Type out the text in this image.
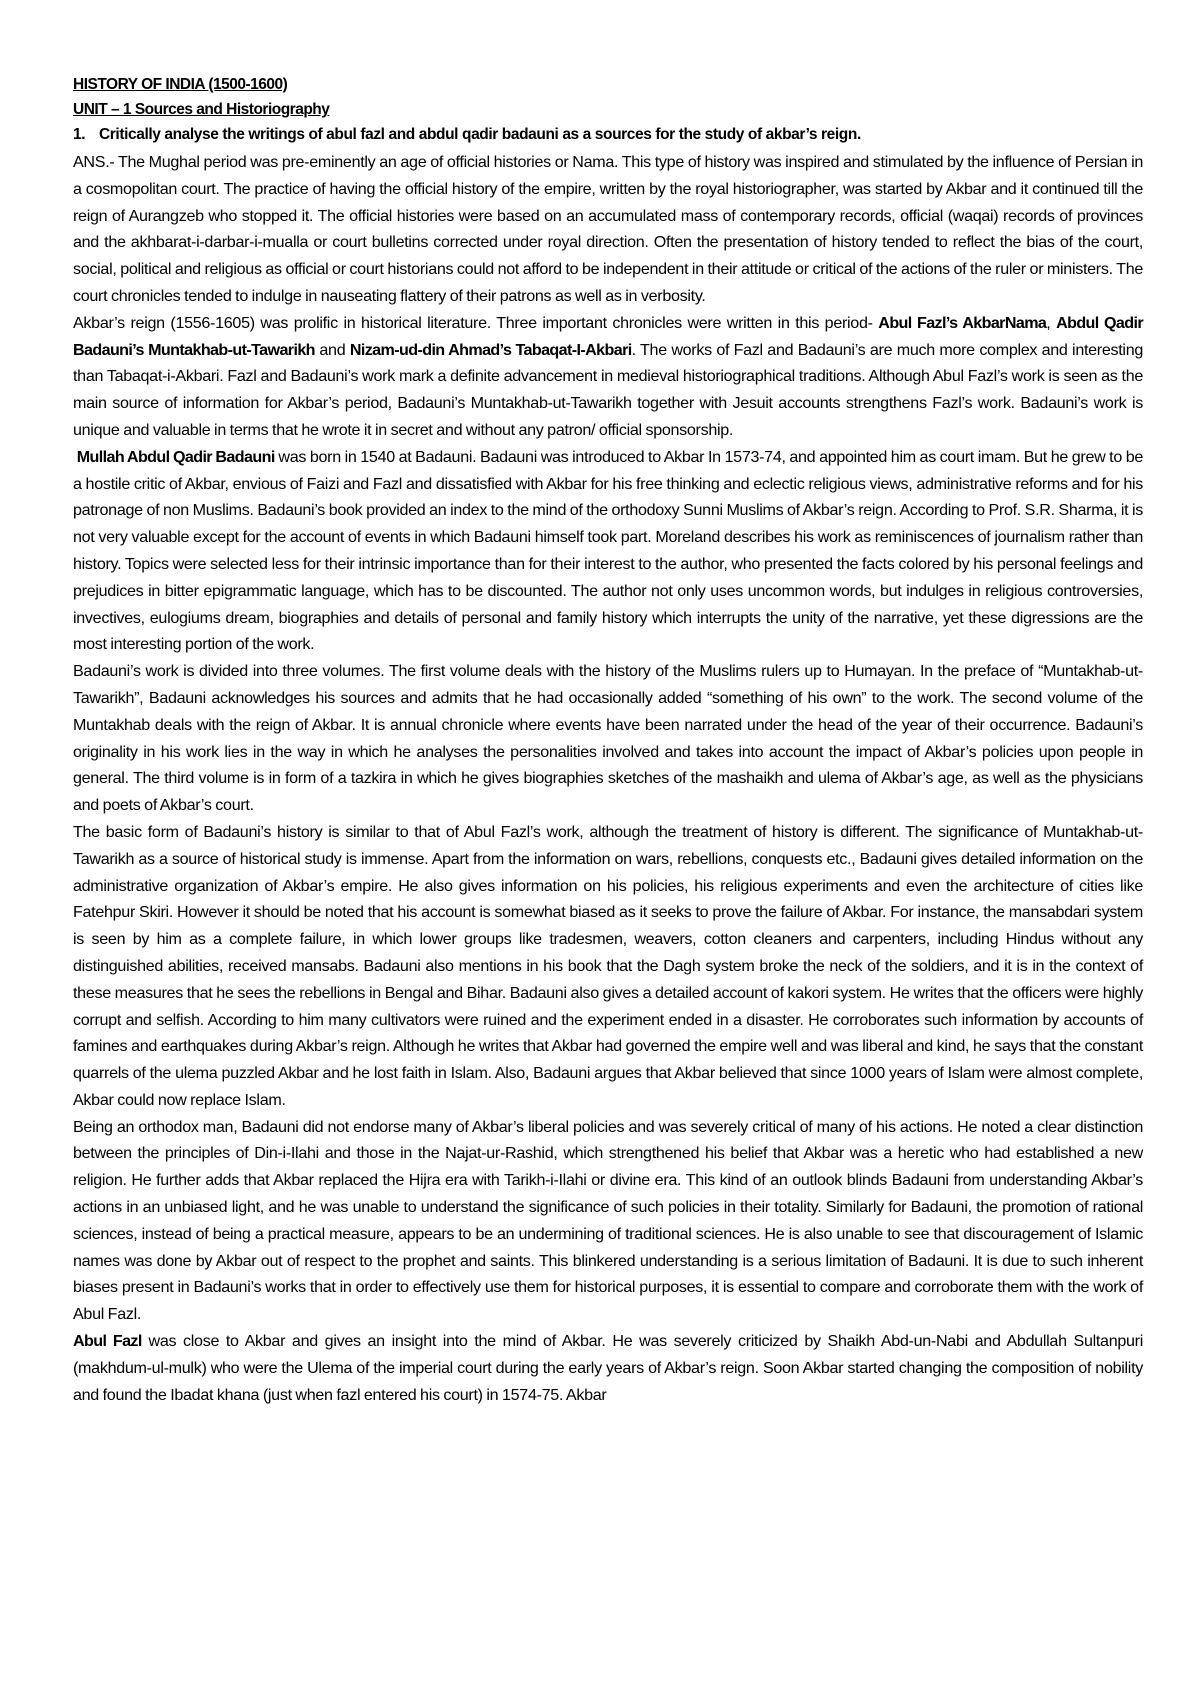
HISTORY OF INDIA (1500-1600)
UNIT – 1 Sources and Historiography
1. Critically analyse the writings of abul fazl and abdul qadir badauni as a sources for the study of akbar’s reign.

ANS.- The Mughal period was pre-eminently an age of official histories or Nama. This type of history was inspired and stimulated by the influence of Persian in a cosmopolitan court. The practice of having the official history of the empire, written by the royal historiographer, was started by Akbar and it continued till the reign of Aurangzeb who stopped it. The official histories were based on an accumulated mass of contemporary records, official (waqai) records of provinces and the akhbarat-i-darbar-i-mualla or court bulletins corrected under royal direction. Often the presentation of history tended to reflect the bias of the court, social, political and religious as official or court historians could not afford to be independent in their attitude or critical of the actions of the ruler or ministers. The court chronicles tended to indulge in nauseating flattery of their patrons as well as in verbosity.

Akbar’s reign (1556-1605) was prolific in historical literature. Three important chronicles were written in this period- Abul Fazl’s AkbarNama, Abdul Qadir Badauni’s Muntakhab-ut-Tawarikh and Nizam-ud-din Ahmad’s Tabaqat-I-Akbari. The works of Fazl and Badauni’s are much more complex and interesting than Tabaqat-i-Akbari. Fazl and Badauni’s work mark a definite advancement in medieval historiographical traditions. Although Abul Fazl’s work is seen as the main source of information for Akbar’s period, Badauni’s Muntakhab-ut-Tawarikh together with Jesuit accounts strengthens Fazl’s work. Badauni’s work is unique and valuable in terms that he wrote it in secret and without any patron/ official sponsorship.

Mullah Abdul Qadir Badauni was born in 1540 at Badauni. Badauni was introduced to Akbar In 1573-74, and appointed him as court imam. But he grew to be a hostile critic of Akbar, envious of Faizi and Fazl and dissatisfied with Akbar for his free thinking and eclectic religious views, administrative reforms and for his patronage of non Muslims. Badauni’s book provided an index to the mind of the orthodoxy Sunni Muslims of Akbar’s reign. According to Prof. S.R. Sharma, it is not very valuable except for the account of events in which Badauni himself took part. Moreland describes his work as reminiscences of journalism rather than history. Topics were selected less for their intrinsic importance than for their interest to the author, who presented the facts colored by his personal feelings and prejudices in bitter epigrammatic language, which has to be discounted. The author not only uses uncommon words, but indulges in religious controversies, invectives, eulogiums dream, biographies and details of personal and family history which interrupts the unity of the narrative, yet these digressions are the most interesting portion of the work.

Badauni’s work is divided into three volumes. The first volume deals with the history of the Muslims rulers up to Humayan. In the preface of “Muntakhab-ut-Tawarikh”, Badauni acknowledges his sources and admits that he had occasionally added “something of his own” to the work. The second volume of the Muntakhab deals with the reign of Akbar. It is annual chronicle where events have been narrated under the head of the year of their occurrence. Badauni’s originality in his work lies in the way in which he analyses the personalities involved and takes into account the impact of Akbar’s policies upon people in general. The third volume is in form of a tazkira in which he gives biographies sketches of the mashaikh and ulema of Akbar’s age, as well as the physicians and poets of Akbar’s court.

The basic form of Badauni’s history is similar to that of Abul Fazl’s work, although the treatment of history is different. The significance of Muntakhab-ut-Tawarikh as a source of historical study is immense. Apart from the information on wars, rebellions, conquests etc., Badauni gives detailed information on the administrative organization of Akbar’s empire. He also gives information on his policies, his religious experiments and even the architecture of cities like Fatehpur Skiri. However it should be noted that his account is somewhat biased as it seeks to prove the failure of Akbar. For instance, the mansabdari system is seen by him as a complete failure, in which lower groups like tradesmen, weavers, cotton cleaners and carpenters, including Hindus without any distinguished abilities, received mansabs. Badauni also mentions in his book that the Dagh system broke the neck of the soldiers, and it is in the context of these measures that he sees the rebellions in Bengal and Bihar. Badauni also gives a detailed account of kakori system. He writes that the officers were highly corrupt and selfish. According to him many cultivators were ruined and the experiment ended in a disaster. He corroborates such information by accounts of famines and earthquakes during Akbar’s reign. Although he writes that Akbar had governed the empire well and was liberal and kind, he says that the constant quarrels of the ulema puzzled Akbar and he lost faith in Islam. Also, Badauni argues that Akbar believed that since 1000 years of Islam were almost complete, Akbar could now replace Islam.

Being an orthodox man, Badauni did not endorse many of Akbar’s liberal policies and was severely critical of many of his actions. He noted a clear distinction between the principles of Din-i-Ilahi and those in the Najat-ur-Rashid, which strengthened his belief that Akbar was a heretic who had established a new religion. He further adds that Akbar replaced the Hijra era with Tarikh-i-Ilahi or divine era. This kind of an outlook blinds Badauni from understanding Akbar’s actions in an unbiased light, and he was unable to understand the significance of such policies in their totality. Similarly for Badauni, the promotion of rational sciences, instead of being a practical measure, appears to be an undermining of traditional sciences. He is also unable to see that discouragement of Islamic names was done by Akbar out of respect to the prophet and saints. This blinkered understanding is a serious limitation of Badauni. It is due to such inherent biases present in Badauni’s works that in order to effectively use them for historical purposes, it is essential to compare and corroborate them with the work of Abul Fazl.

Abul Fazl was close to Akbar and gives an insight into the mind of Akbar. He was severely criticized by Shaikh Abd-un-Nabi and Abdullah Sultanpuri (makhdum-ul-mulk) who were the Ulema of the imperial court during the early years of Akbar’s reign. Soon Akbar started changing the composition of nobility and found the Ibadat khana (just when fazl entered his court) in 1574-75. Akbar
